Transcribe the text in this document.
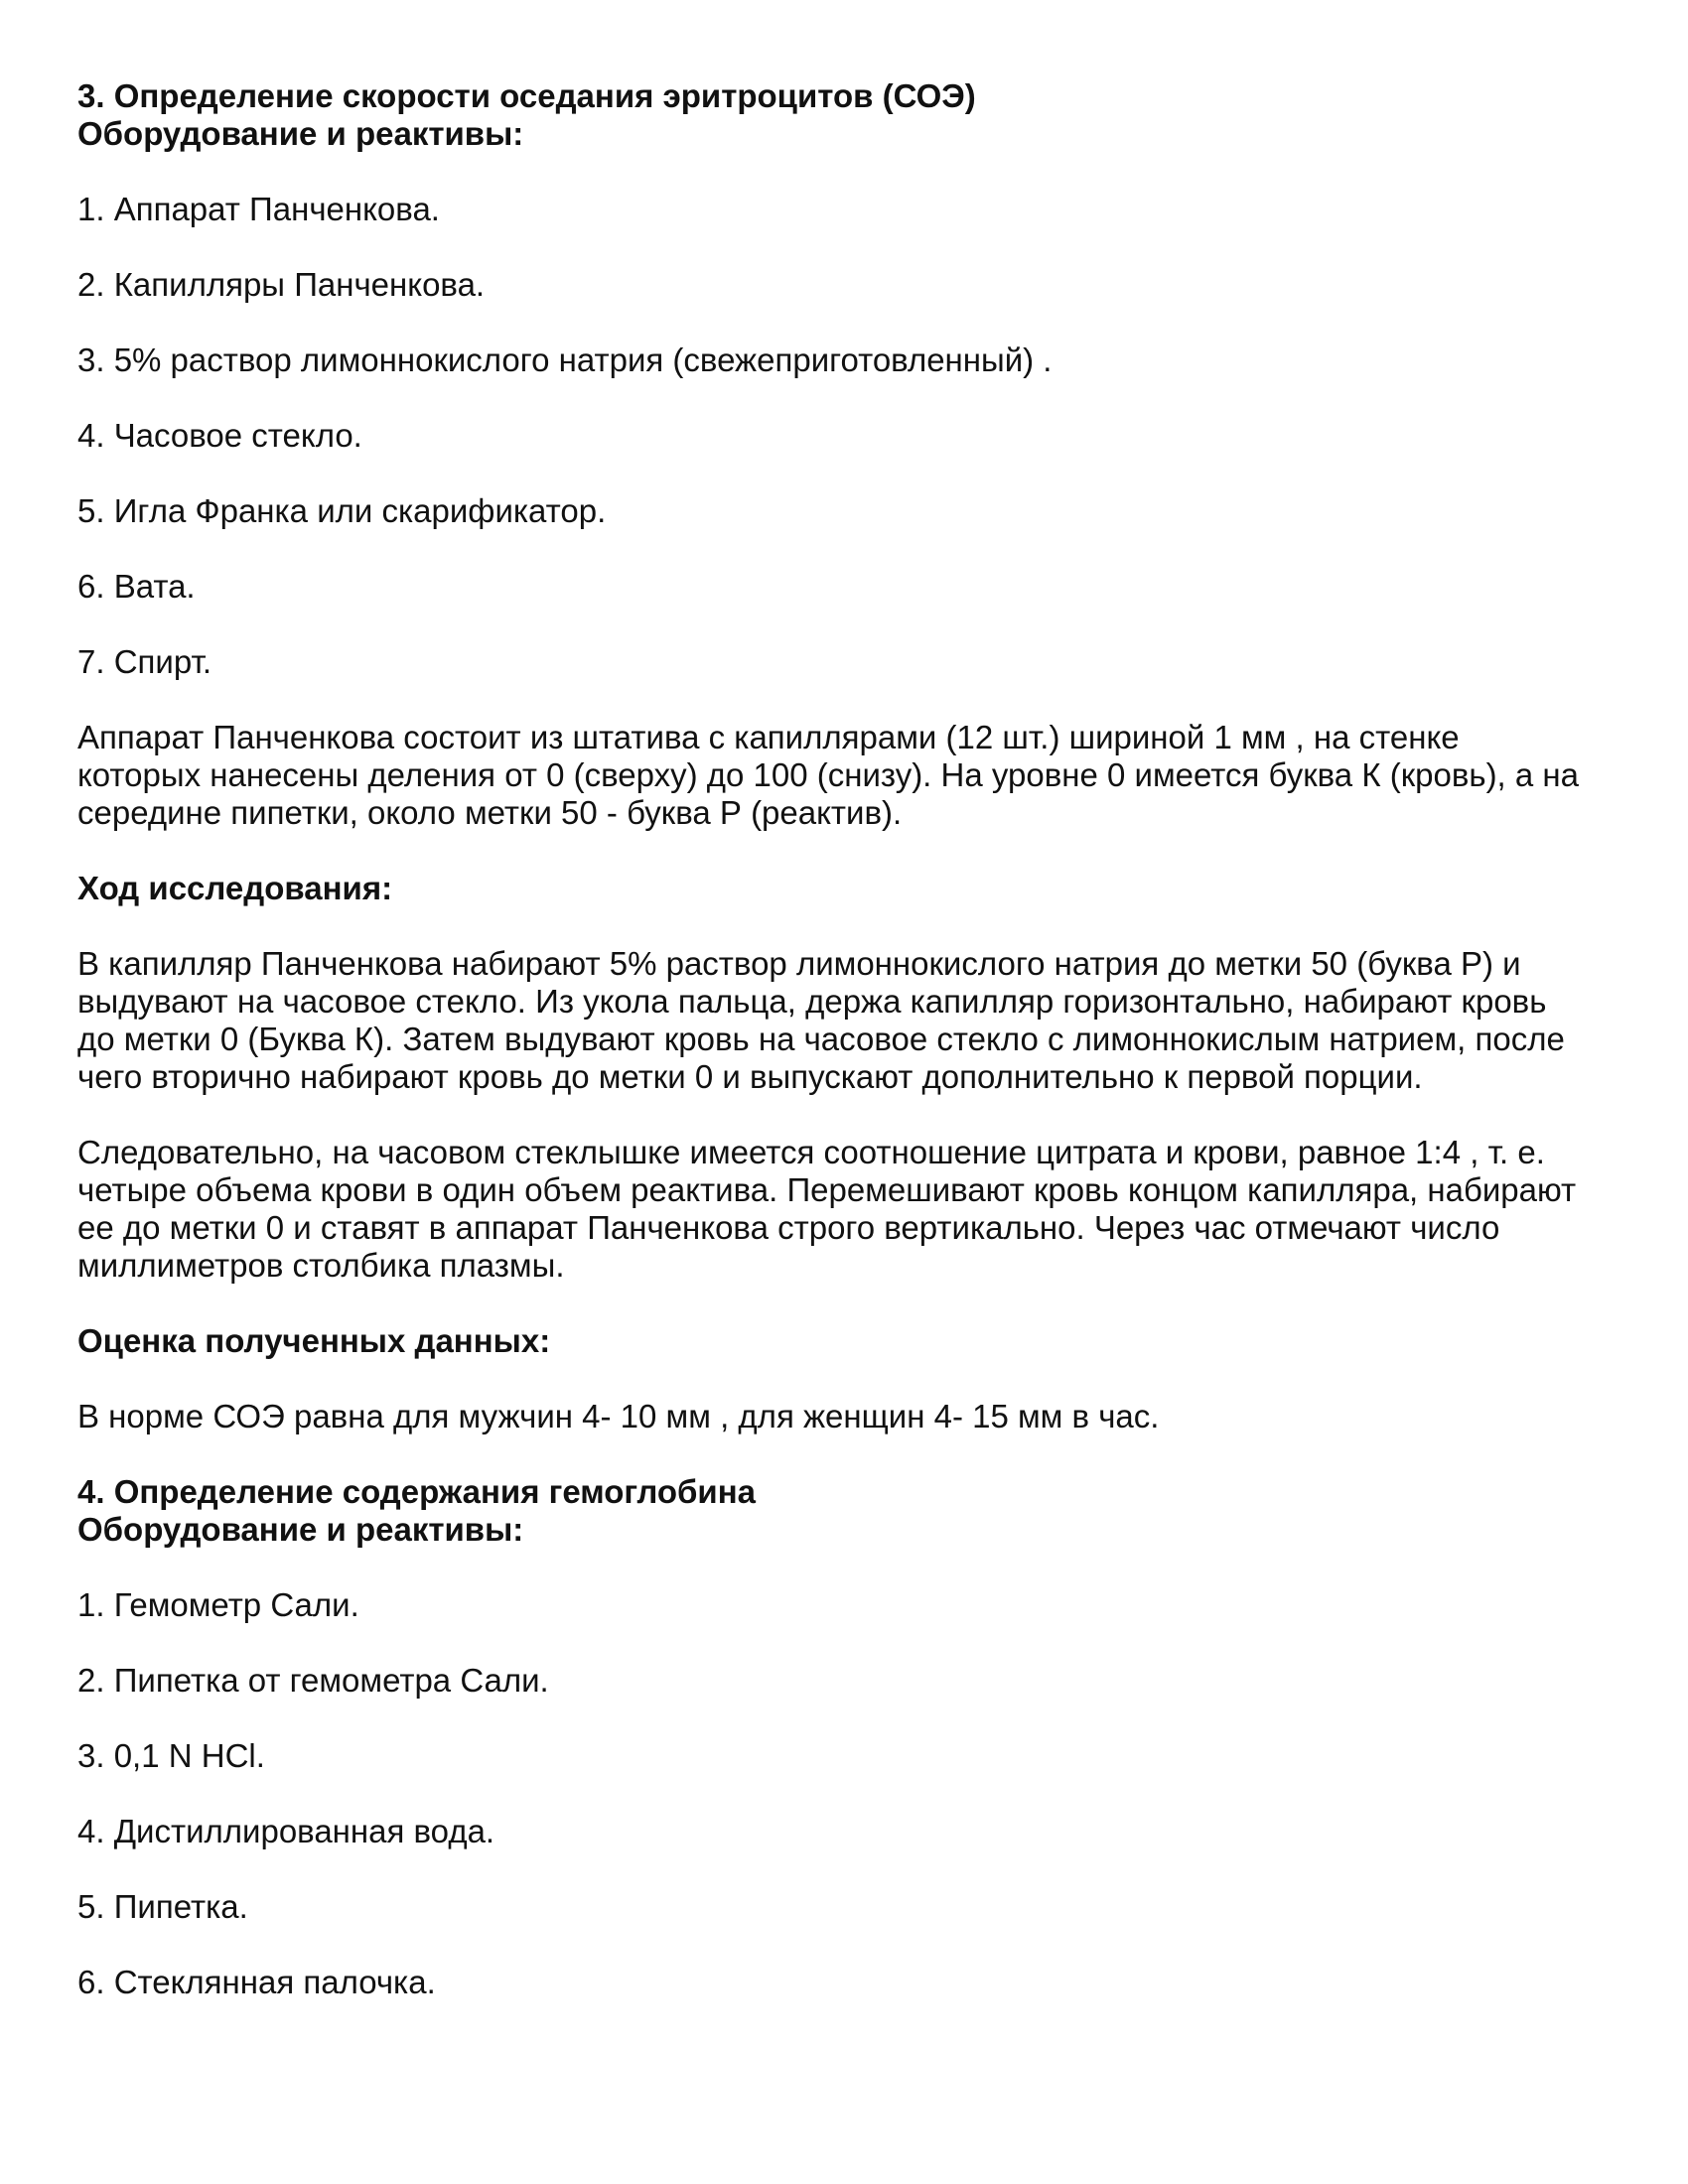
3. Определение скорости оседания эритроцитов (СОЭ)

Оборудование и реактивы:

1. Аппарат Панченкова.

2. Капилляры Панченкова.

3. 5% раствор лимоннокислого натрия (свежеприготовленный) .

4. Часовое стекло.

5. Игла Франка или скарификатор.

6. Вата.

7. Спирт.

Аппарат Панченкова состоит из штатива с капиллярами (12 шт.) шириной 1 мм , на стенке

которых нанесены деления от 0 (сверху) до 100 (снизу). На уровне 0 имеется буква К (кровь), а на

середине пипетки, около метки 50 - буква Р (реактив).

Ход исследования:

В капилляр Панченкова набирают 5% раствор лимоннокислого натрия до метки 50 (буква Р) и

выдувают на часовое стекло. Из укола пальца, держа капилляр горизонтально, набирают кровь

до метки 0 (Буква К). Затем выдувают кровь на часовое стекло с лимоннокислым натрием, после

чего вторично набирают кровь до метки 0 и выпускают дополнительно к первой порции.

Следовательно, на часовом стеклышке имеется соотношение цитрата и крови, равное 1:4 , т. е.

четыре объема крови в один объем реактива. Перемешивают кровь концом капилляра, набирают

ее до метки 0 и ставят в аппарат Панченкова строго вертикально. Через час отмечают число

миллиметров столбика плазмы.

Оценка полученных данных:

В норме СОЭ равна для мужчин 4- 10 мм , для женщин 4- 15 мм в час.

4. Определение содержания гемоглобина

Оборудование и реактивы:

1. Гемометр Сали.

2. Пипетка от гемометра Сали.

3. 0,1 N НСl.

4. Дистиллированная вода.

5. Пипетка.

6. Стеклянная палочка.
